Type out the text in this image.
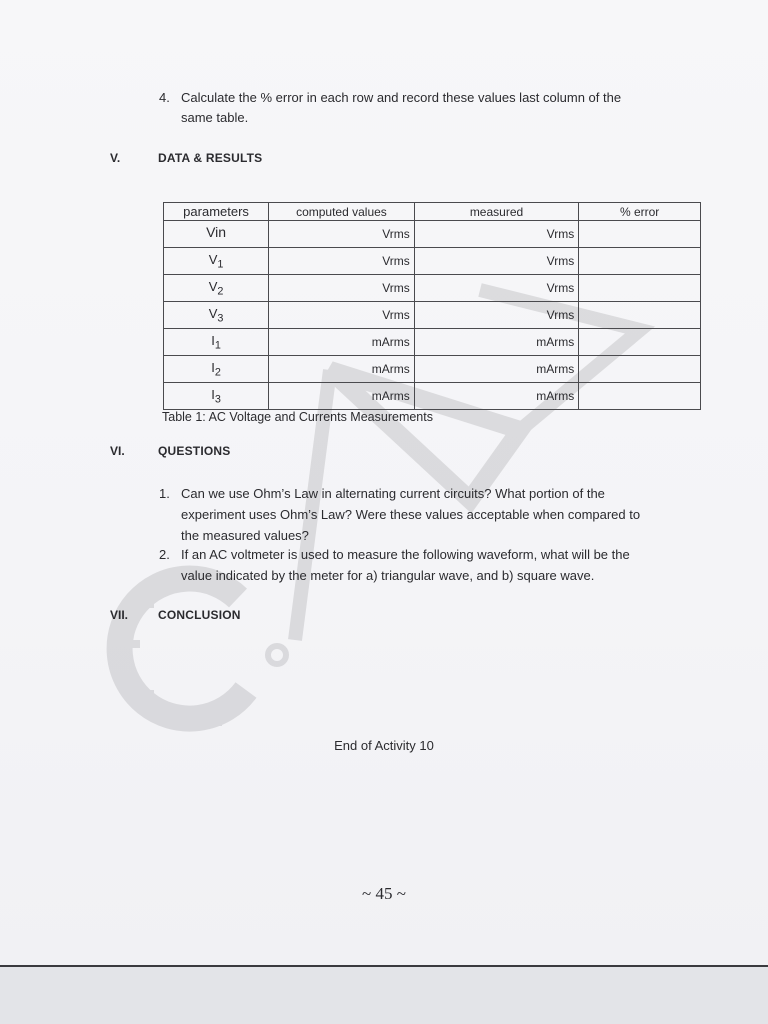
4. Calculate the % error in each row and record these values last column of the
same table.
V.	DATA & RESULTS
parameters	computed values	measured	% error
Vin	Vrms	Vrms	
$V_1$	Vrms	Vrms	
$V_2$	Vrms	Vrms	
$V_3$	Vrms	Vrms	
$I_1$	mArms	mArms	
$I_2$	mArms	mArms	
$I_3$	mArms	mArms	
Table 1: AC Voltage and Currents Measurements
VI.	QUESTIONS
1. Can we use Ohm’s Law in alternating current circuits? What portion of the
experiment uses Ohm’s Law? Were these values acceptable when compared to
the measured values?
2. If an AC voltmeter is used to measure the following waveform, what will be the
value indicated by the meter for a) triangular wave, and b) square wave.
VII. CONCLUSION
End of Activity 10
~ 45 ~
